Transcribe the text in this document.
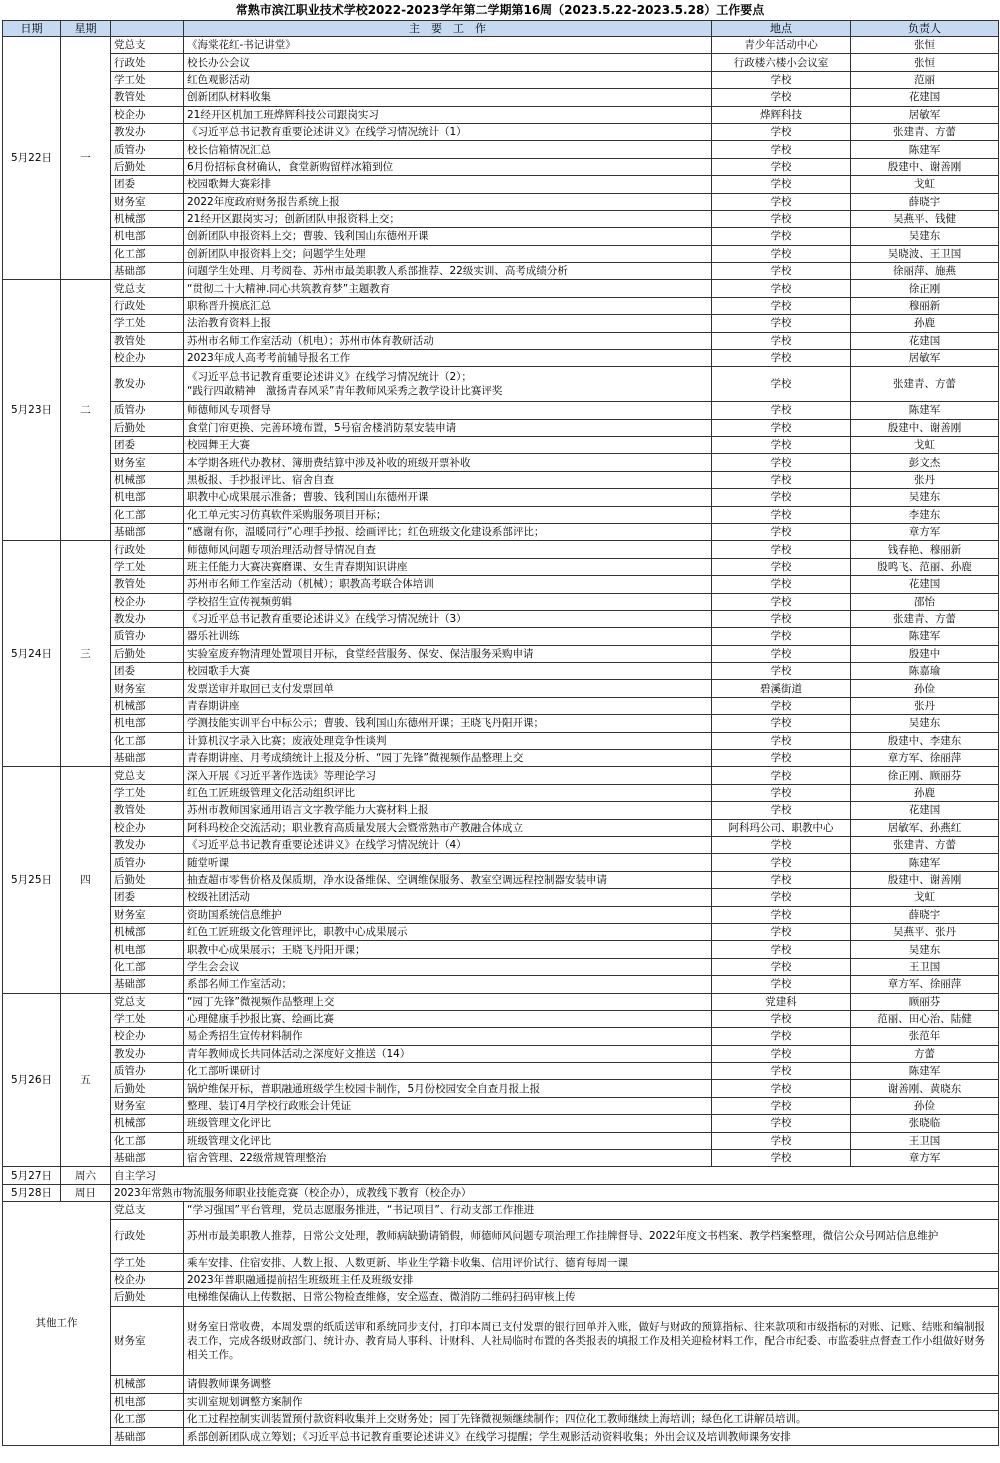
常熟市滨江职业技术学校2022-2023学年第二学期第16周（2023.5.22-2023.5.28）工作要点
日期	星期		主　要　工　作	地点	负责人
5月22日	一	党总支	《海棠花红-书记讲堂》	青少年活动中心	张恒
		行政处	校长办公会议	行政楼六楼小会议室	张恒
		学工处	红色观影活动	学校	范丽
		教管处	创新团队材料收集	学校	花建国
		校企办	21经开区机加工班烨辉科技公司跟岗实习	烨辉科技	居敏军
		教发办	《习近平总书记教育重要论述讲义》在线学习情况统计（1）	学校	张建青、方蕾
		质管办	校长信箱情况汇总	学校	陈建军
		后勤处	6月份招标食材确认，食堂新购留样冰箱到位	学校	殷建中、谢善刚
		团委	校园歌舞大赛彩排	学校	戈虹
		财务室	2022年度政府财务报告系统上报	学校	薛晓宇
		机械部	21经开区跟岗实习；创新团队申报资料上交；	学校	吴燕平、钱健
		机电部	创新团队申报资料上交；曹骏、钱利国山东德州开课	学校	吴建东
		化工部	创新团队申报资料上交；问题学生处理	学校	吴晓波、王卫国
		基础部	问题学生处理、月考阅卷、苏州市最美职教人系部推荐、22级实训、高考成绩分析	学校	徐丽萍、施燕
5月23日	二	党总支	“贯彻二十大精神.同心共筑教育梦”主题教育	学校	徐正刚
		行政处	职称晋升摸底汇总	学校	穆丽新
		学工处	法治教育资料上报	学校	孙鹿
		教管处	苏州市名师工作室活动（机电）；苏州市体育教研活动	学校	花建国
		校企办	2023年成人高考考前辅导报名工作	学校	居敏军
		教发办	《习近平总书记教育重要论述讲义》在线学习情况统计（2）；
“践行四敢精神　激扬青春风采”青年教师风采秀之教学设计比赛评奖	学校	张建青、方蕾
		质管办	师德师风专项督导	学校	陈建军
		后勤处	食堂门帘更换、完善环境布置，5号宿舍楼消防泵安装申请	学校	殷建中、谢善刚
		团委	校园舞王大赛	学校	戈虹
		财务室	本学期各班代办教材、簿册费结算中涉及补收的班级开票补收	学校	彭文杰
		机械部	黑板报、手抄报评比、宿舍自查	学校	张丹
		机电部	职教中心成果展示准备；曹骏、钱利国山东德州开课	学校	吴建东
		化工部	化工单元实习仿真软件采购服务项目开标；	学校	李建东
		基础部	“感谢有你，温暖同行”心理手抄报、绘画评比；红色班级文化建设系部评比；	学校	章方军
5月24日	三	行政处	师德师风问题专项治理活动督导情况自查	学校	钱春艳、穆丽新
		学工处	班主任能力大赛决赛磨课、女生青春期知识讲座	学校	殷鸣飞、范丽、孙鹿
		教管处	苏州市名师工作室活动（机械）；职教高考联合体培训	学校	花建国
		校企办	学校招生宣传视频剪辑	学校	邵怡
		教发办	《习近平总书记教育重要论述讲义》在线学习情况统计（3）	学校	张建青、方蕾
		质管办	器乐社训练	学校	陈建军
		后勤处	实验室废弃物清理处置项目开标，食堂经营服务、保安、保洁服务采购申请	学校	殷建中
		团委	校园歌手大赛	学校	陈嘉瑜
		财务室	发票送审并取回已支付发票回单	碧溪街道	孙俭
		机械部	青春期讲座	学校	张丹
		机电部	学测技能实训平台中标公示；曹骏、钱利国山东德州开课；王晓飞丹阳开课；	学校	吴建东
		化工部	计算机汉字录入比赛；废液处理竞争性谈判	学校	殷建中、李建东
		基础部	青春期讲座、月考成绩统计上报及分析、“园丁先锋”微视频作品整理上交	学校	章方军、徐丽萍
5月25日	四	党总支	深入开展《习近平著作选读》等理论学习	学校	徐正刚、顾丽芬
		学工处	红色工匠班级管理文化活动组织评比	学校	孙鹿
		教管处	苏州市教师国家通用语言文字教学能力大赛材料上报	学校	花建国
		校企办	阿科玛校企交流活动；职业教育高质量发展大会暨常熟市产教融合体成立	阿科玛公司、职教中心	居敏军、孙燕红
		教发办	《习近平总书记教育重要论述讲义》在线学习情况统计（4）	学校	张建青、方蕾
		质管办	随堂听课	学校	陈建军
		后勤处	抽查超市零售价格及保质期，净水设备维保、空调维保服务、教室空调远程控制器安装申请	学校	殷建中、谢善刚
		团委	校级社团活动	学校	戈虹
		财务室	资助国系统信息维护	学校	薛晓宇
		机械部	红色工匠班级文化管理评比，职教中心成果展示	学校	吴燕平、张丹
		机电部	职教中心成果展示；王晓飞丹阳开课；	学校	吴建东
		化工部	学生会会议	学校	王卫国
		基础部	系部名师工作室活动；	学校	章方军、徐丽萍
5月26日	五	党总支	“园丁先锋”微视频作品整理上交	党建科	顾丽芬
		学工处	心理健康手抄报比赛、绘画比赛	学校	范丽、田心治、陆健
		校企办	易企秀招生宣传材料制作	学校	张范年
		教发办	青年教师成长共同体活动之深度好文推送（14）	学校	方蕾
		质管办	化工部听课研讨	学校	陈建军
		后勤处	锅炉维保开标，普职融通班级学生校园卡制作，5月份校园安全自查月报上报	学校	谢善刚、黄晓东
		财务室	整理、装订4月学校行政账会计凭证	学校	孙俭
		机械部	班级管理文化评比	学校	张晓临
		化工部	班级管理文化评比	学校	王卫国
		基础部	宿舍管理、22级常规管理整治	学校	章方军
5月27日	周六	自主学习			
5月28日	周日	2023年常熟市物流服务师职业技能竞赛（校企办），成教线下教育（校企办）			
其他工作		党总支	“学习强国”平台管理，党员志愿服务推进，“书记项目”、行动支部工作推进		
		行政处	苏州市最美职教人推荐，日常公文处理，教师病缺勤请销假，师德师风问题专项治理工作挂牌督导、2022年度文书档案、教学档案整理，微信公众号网站信息维护		
		学工处	乘车安排、住宿安排、人数上报、人数更新、毕业生学籍卡收集、信用评价试行、德育每周一课		
		校企办	2023年普职融通提前招生班级班主任及班级安排		
		后勤处	电梯维保确认上传数据、日常公物检查维修，安全巡查、微消防二维码扫码审核上传		
		财务室	财务室日常收费，本周发票的纸质送审和系统同步支付，打印本周已支付发票的银行回单并入账，做好与财政的预算指标、往来款项和市级指标的对账、记账、结账和编制报表工作，完成各级财政部门、统计办、教育局人事科、计财科、人社局临时布置的各类报表的填报工作及相关迎检材料工作，配合市纪委、市监委驻点督查工作小组做好财务相关工作。		
		机械部	请假教师课务调整		
		机电部	实训室规划调整方案制作		
		化工部	化工过程控制实训装置预付款资料收集并上交财务处；园丁先锋微视频继续制作；四位化工教师继续上海培训；绿色化工讲解员培训。		
		基础部	系部创新团队成立筹划；《习近平总书记教育重要论述讲义》在线学习提醒；学生观影活动资料收集；外出会议及培训教师课务安排		
